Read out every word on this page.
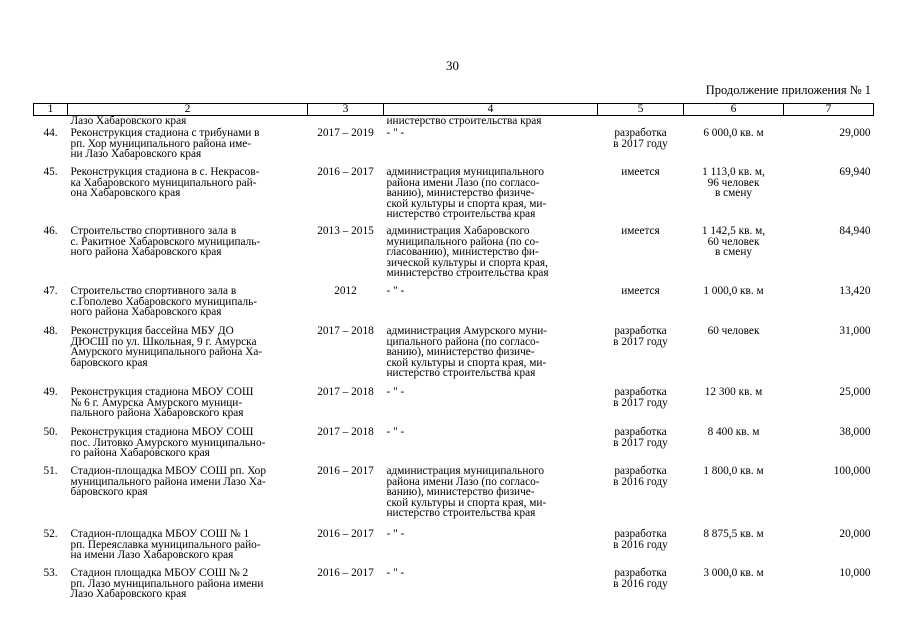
30
Продолжение приложения № 1
1	2	3	4	5	6	7
	Лазо Хабаровского края		инистерство строительства края			
44.	Реконструкция стадиона с трибунами в
рп. Хор муниципального района име-
ни Лазо Хабаровского края	2017 – 2019	- " -	разработка
в 2017 году	6 000,0 кв. м	29,000
45.	Реконструкция стадиона в с. Некрасов-
ка Хабаровского муниципального рай-
она Хабаровского края	2016 – 2017	администрация муниципального
района имени Лазо (по согласо-
ванию), министерство физиче-
ской культуры и спорта края, ми-
нистерство строительства края	имеется	1 113,0 кв. м,
96 человек
в смену	69,940
46.	Строительство спортивного зала в
с. Ракитное Хабаровского муниципаль-
ного района Хабаровского края	2013 – 2015	администрация Хабаровского
муниципального района (по со-
гласованию), министерство фи-
зической культуры и спорта края,
министерство строительства края	имеется	1 142,5 кв. м,
60 человек
в смену	84,940
47.	Строительство спортивного зала в
с.Гополево Хабаровского муниципаль-
ного района Хабаровского края	2012	- " -	имеется	1 000,0 кв. м	13,420
48.	Реконструкция бассейна МБУ ДО
ДЮСШ по ул. Школьная, 9 г. Амурска
Амурского муниципального района Ха-
баровского края	2017 – 2018	администрация Амурского муни-
ципального района (по согласо-
ванию), министерство физиче-
ской культуры и спорта края, ми-
нистерство строительства края	разработка
в 2017 году	60 человек	31,000
49.	Реконструкция стадиона МБОУ СОШ
№ 6 г. Амурска Амурского муници-
пального района Хабаровского края	2017 – 2018	- " -	разработка
в 2017 году	12 300 кв. м	25,000
50.	Реконструкция стадиона МБОУ СОШ
пос. Литовко Амурского муниципально-
го района Хабаровского края	2017 – 2018	- " -	разработка
в 2017 году	8 400 кв. м	38,000
51.	Стадион-площадка МБОУ СОШ рп. Хор
муниципального района имени Лазо Ха-
баровского края	2016 – 2017	администрация муниципального
района имени Лазо (по согласо-
ванию), министерство физиче-
ской культуры и спорта края, ми-
нистерство строительства края	разработка
в 2016 году	1 800,0 кв. м	100,000
52.	Стадион-площадка МБОУ СОШ № 1
рп. Переяславка муниципального райо-
на имени Лазо Хабаровского края	2016 – 2017	- " -	разработка
в 2016 году	8 875,5 кв. м	20,000
53.	Стадион площадка МБОУ СОШ № 2
рп. Лазо муниципального района имени
Лазо Хабаровского края	2016 – 2017	- " -	разработка
в 2016 году	3 000,0 кв. м	10,000
